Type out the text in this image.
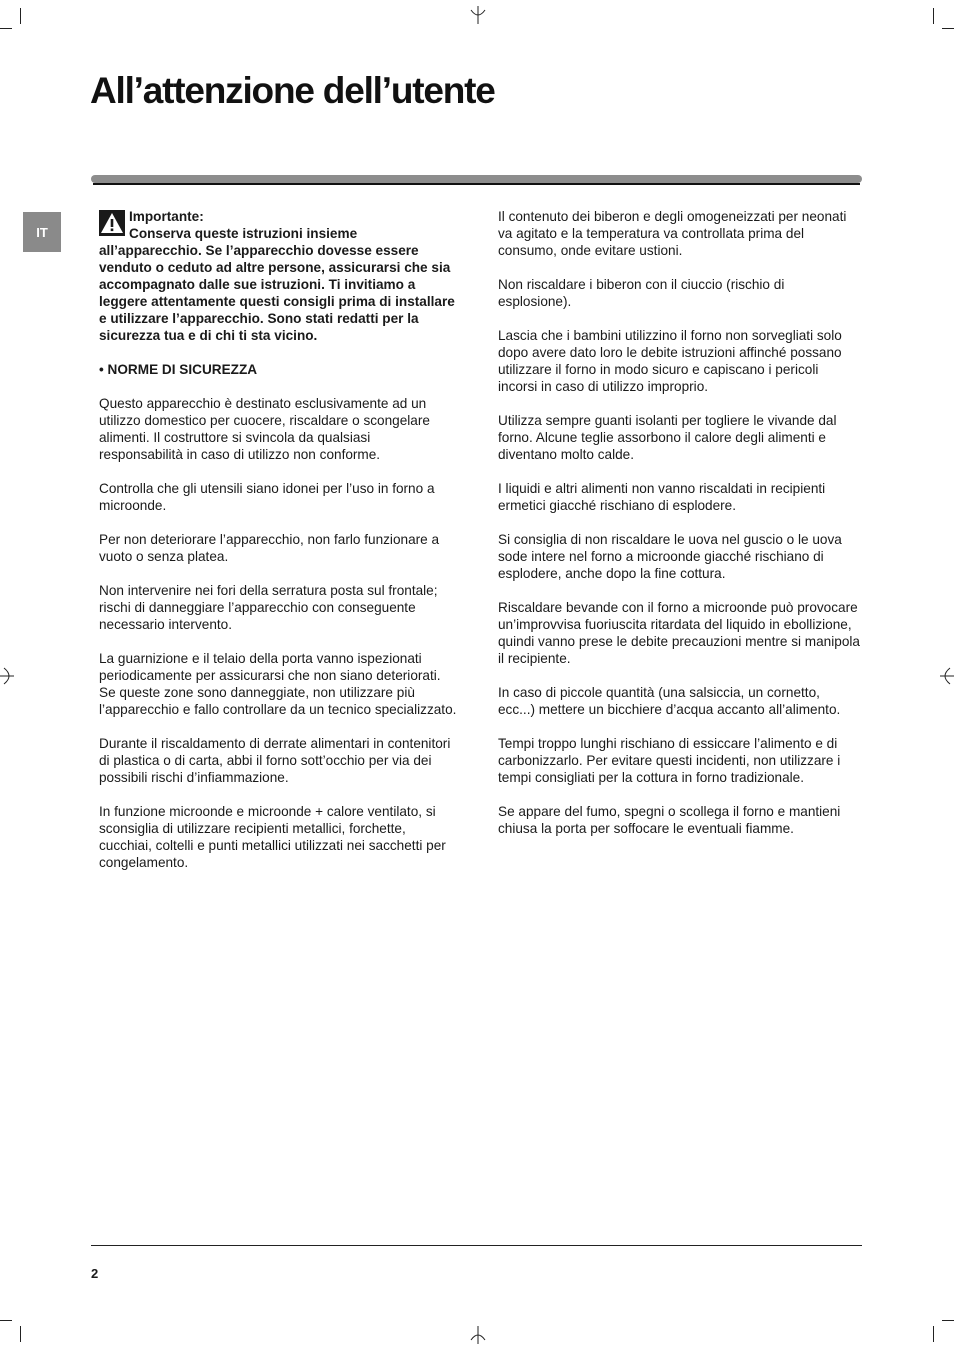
All’attenzione dell’utente
IT

Importante:
Conserva queste istruzioni insieme all’apparecchio. Se l’apparecchio dovesse essere venduto o ceduto ad altre persone, assicurarsi che sia accompagnato dalle sue istruzioni. Ti invitiamo a leggere attentamente questi consigli prima di installare e utilizzare l’apparecchio. Sono stati redatti per la sicurezza tua e di chi ti sta vicino.

• NORME DI SICUREZZA

Questo apparecchio è destinato esclusivamente ad un utilizzo domestico per cuocere, riscaldare o scongelare alimenti. Il costruttore si svincola da qualsiasi responsabilità in caso di utilizzo non conforme.

Controlla che gli utensili siano idonei per l’uso in forno a microonde.

Per non deteriorare l’apparecchio, non farlo funzionare a vuoto o senza platea.

Non intervenire nei fori della serratura posta sul frontale; rischi di danneggiare l’apparecchio con conseguente necessario intervento.

La guarnizione e il telaio della porta vanno ispezionati periodicamente per assicurarsi che non siano deteriorati. Se queste zone sono danneggiate, non utilizzare più l’apparecchio e fallo controllare da un tecnico specializzato.

Durante il riscaldamento di derrate alimentari in contenitori di plastica o di carta, abbi il forno sott’occhio per via dei possibili rischi d’infiammazione.

In funzione microonde e microonde + calore ventilato, si sconsiglia di utilizzare recipienti metallici, forchette, cucchiai, coltelli e punti metallici utilizzati nei sacchetti per congelamento.

Il contenuto dei biberon e degli omogeneizzati per neonati va agitato e la temperatura va controllata prima del consumo, onde evitare ustioni.

Non riscaldare i biberon con il ciuccio (rischio di esplosione).

Lascia che i bambini utilizzino il forno non sorvegliati solo dopo avere dato loro le debite istruzioni affinché possano utilizzare il forno in modo sicuro e capiscano i pericoli incorsi in caso di utilizzo improprio.

Utilizza sempre guanti isolanti per togliere le vivande dal forno. Alcune teglie assorbono il calore degli alimenti e diventano molto calde.

I liquidi e altri alimenti non vanno riscaldati in recipienti ermetici giacché rischiano di esplodere.

Si consiglia di non riscaldare le uova nel guscio o le uova sode intere nel forno a microonde giacché rischiano di esplodere, anche dopo la fine cottura.

Riscaldare bevande con il forno a microonde può provocare un’improvvisa fuoriuscita ritardata del liquido in ebollizione, quindi vanno prese le debite precauzioni mentre si manipola il recipiente.

In caso di piccole quantità (una salsiccia, un cornetto, ecc...) mettere un bicchiere d’acqua accanto all’alimento.

Tempi troppo lunghi rischiano di essiccare l’alimento e di carbonizzarlo. Per evitare questi incidenti, non utilizzare i tempi consigliati per la cottura in forno tradizionale.

Se appare del fumo, spegni o scollega il forno e mantieni chiusa la porta per soffocare le eventuali fiamme.

2
